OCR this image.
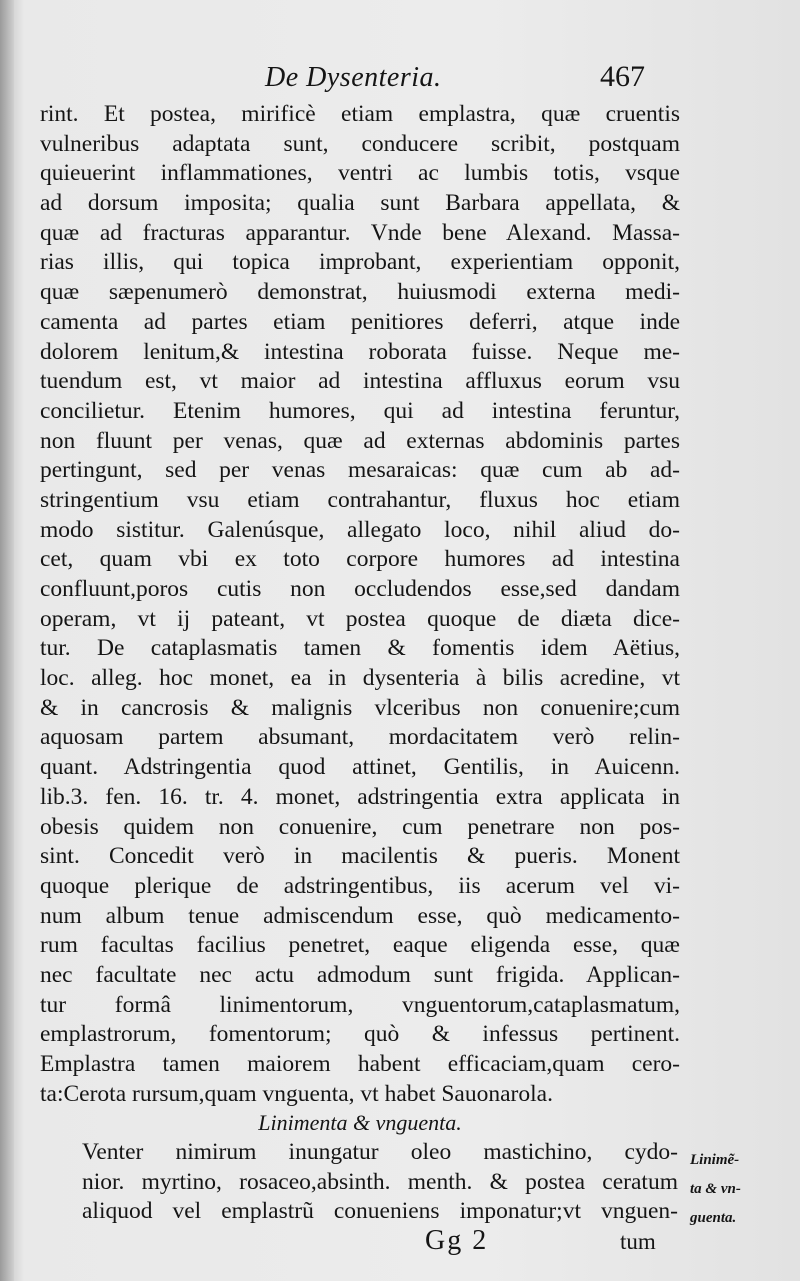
De Dysenteria.	467
rint. Et postea, mirificè etiam emplastra, quæ cruentis
vulneribus adaptata sunt, conducere scribit, postquam
quieuerint inflammationes, ventri ac lumbis totis, vsque
ad dorsum imposita; qualia sunt Barbara appellata, &
quæ ad fracturas apparantur. Vnde bene Alexand. Massa-
rias illis, qui topica improbant, experientiam opponit,
quæ sæpenumerò demonstrat, huiusmodi externa medi-
camenta ad partes etiam penitiores deferri, atque inde
dolorem lenitum,& intestina roborata fuisse. Neque me-
tuendum est, vt maior ad intestina affluxus eorum vsu
concilietur. Etenim humores, qui ad intestina feruntur,
non fluunt per venas, quæ ad externas abdominis partes
pertingunt, sed per venas mesaraicas: quæ cum ab ad-
stringentium vsu etiam contrahantur, fluxus hoc etiam
modo sistitur. Galenúsque, allegato loco, nihil aliud do-
cet, quam vbi ex toto corpore humores ad intestina
confluunt,poros cutis non occludendos esse,sed dandam
operam, vt ij pateant, vt postea quoque de diæta dice-
tur. De cataplasmatis tamen & fomentis idem Aëtius,
loc. alleg. hoc monet, ea in dysenteria à bilis acredine, vt
& in cancrosis & malignis vlceribus non conuenire;cum
aquosam partem absumant, mordacitatem verò relin-
quant. Adstringentia quod attinet, Gentilis, in Auicenn.
lib.3. fen. 16. tr. 4. monet, adstringentia extra applicata in
obesis quidem non conuenire, cum penetrare non pos-
sint. Concedit verò in macilentis & pueris. Monent
quoque plerique de adstringentibus, iis acerum vel vi-
num album tenue admiscendum esse, quò medicamento-
rum facultas facilius penetret, eaque eligenda esse, quæ
nec facultate nec actu admodum sunt frigida. Applican-
tur formâ linimentorum, vnguentorum,cataplasmatum,
emplastrorum, fomentorum; quò & infessus pertinent.
Emplastra tamen maiorem habent efficaciam,quam cero-
ta:Cerota rursum,quam vnguenta, vt habet Sauonarola.
Linimenta & vnguenta.
Venter nimirum inungatur oleo mastichino, cydo-
nior. myrtino, rosaceo,absinth. menth. & postea ceratum
aliquod vel emplastrũ conueniens imponatur;vt vnguen-
Linimẽ-
ta & vn-
guenta.
Gg 2	tum
